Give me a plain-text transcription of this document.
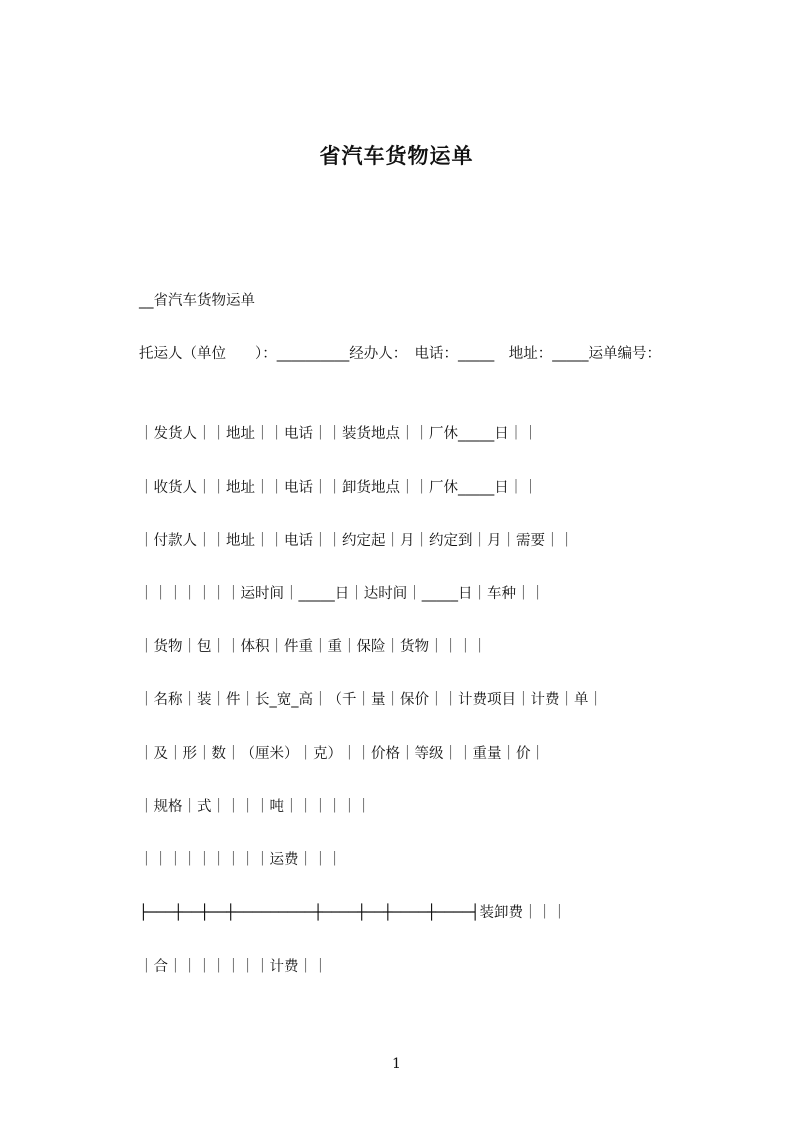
省汽车货物运单
__省汽车货物运单
托运人（单位　　）：__________经办人：　电话：_____　地址：_____运单编号：
｜发货人｜｜地址｜｜电话｜｜装货地点｜｜厂休_____日｜｜
｜收货人｜｜地址｜｜电话｜｜卸货地点｜｜厂休_____日｜｜
｜付款人｜｜地址｜｜电话｜｜约定起｜月｜约定到｜月｜需要｜｜
｜｜｜｜｜｜｜运时间｜_____日｜达时间｜_____日｜车种｜｜
｜货物｜包｜｜体积｜件重｜重｜保险｜货物｜｜｜｜
｜名称｜装｜件｜长_宽_高｜（千｜量｜保价｜｜计费项目｜计费｜单｜
｜及｜形｜数｜（厘米）｜克）｜｜价格｜等级｜｜重量｜价｜
｜规格｜式｜｜｜｜吨｜｜｜｜｜｜
｜｜｜｜｜｜｜｜｜运费｜｜｜
├───┼──┼──┼─────────┼────┼──┼────┼────┤装卸费｜｜｜
｜合｜｜｜｜｜｜｜计费｜｜
1
